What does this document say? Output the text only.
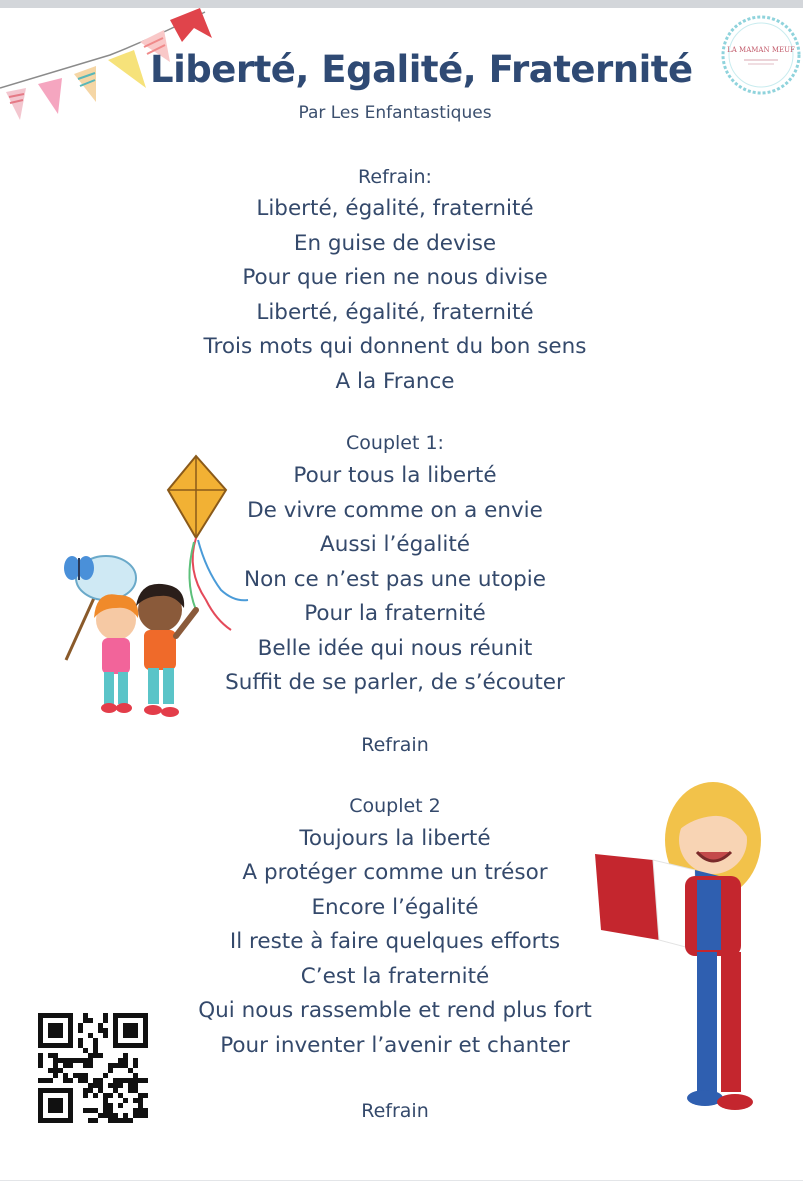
LA MAMAN MEUF
Liberté, Egalité, Fraternité
Par Les Enfantastiques
Refrain:
Liberté, égalité, fraternité
En guise de devise
Pour que rien ne nous divise
Liberté, égalité, fraternité
Trois mots qui donnent du bon sens
A la France
Couplet 1:
Pour tous la liberté
De vivre comme on a envie
Aussi l’égalité
Non ce n’est pas une utopie
Pour la fraternité
Belle idée qui nous réunit
Suffit de se parler, de s’écouter
Refrain
Couplet 2
Toujours la liberté
A protéger comme un trésor
Encore l’égalité
Il reste à faire quelques efforts
C’est la fraternité
Qui nous rassemble et rend plus fort
Pour inventer l’avenir et chanter
Refrain
